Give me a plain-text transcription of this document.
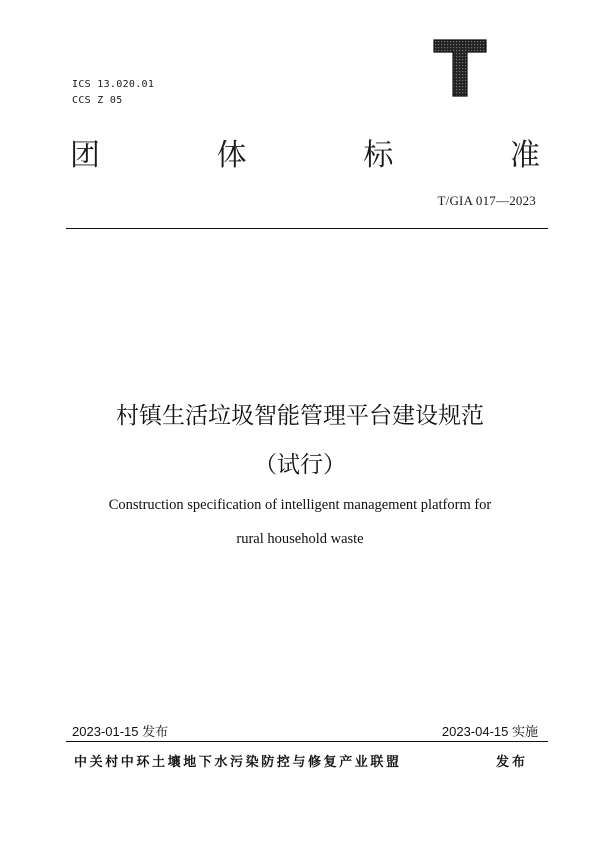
ICS 13.020.01
CCS Z 05
团	体	标	准
T/GIA 017—2023
村镇生活垃圾智能管理平台建设规范
（试行）
Construction specification of intelligent management platform for
rural household waste
2023-01-15 发布	2023-04-15 实施
中关村中环土壤地下水污染防控与修复产业联盟	发布
